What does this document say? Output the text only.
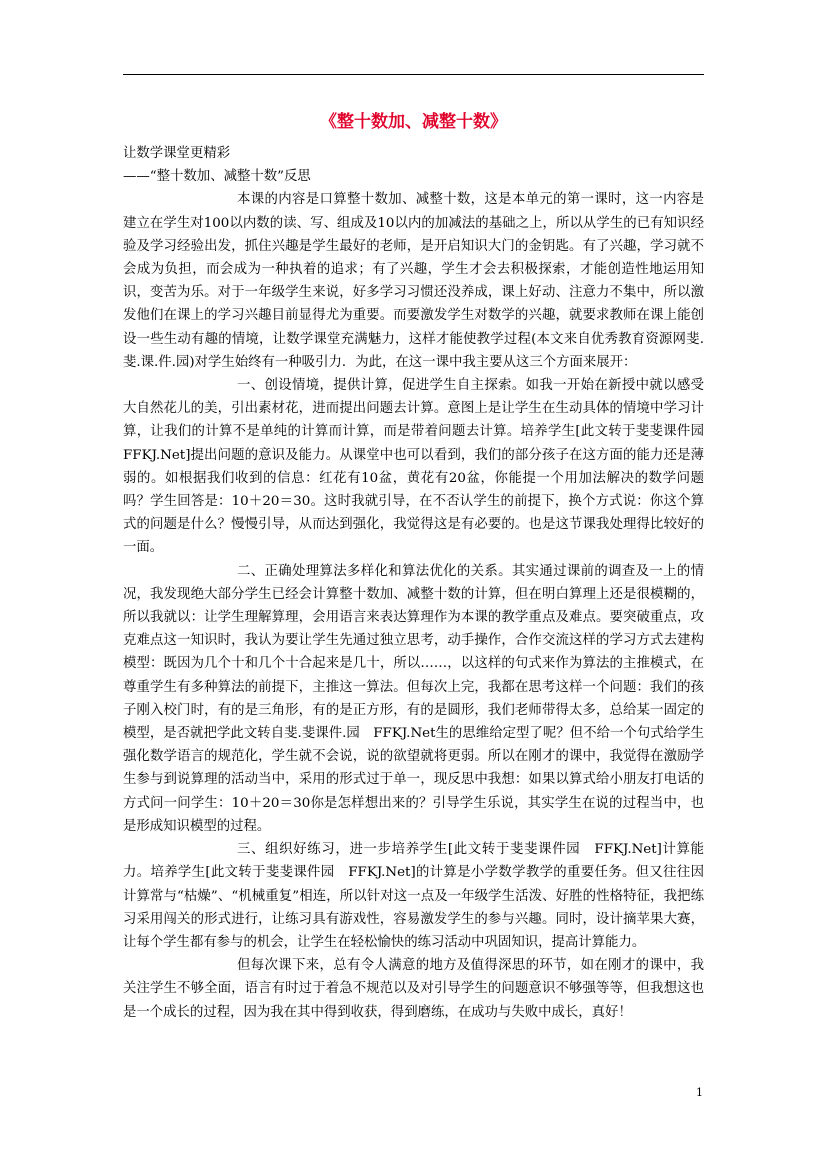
《整十数加、减整十数》

让数学课堂更精彩

——“整十数加、减整十数”反思

本课的内容是口算整十数加、减整十数，这是本单元的第一课时，这一内容是建立在学生对100以内数的读、写、组成及10以内的加减法的基础之上，所以从学生的已有知识经验及学习经验出发，抓住兴趣是学生最好的老师，是开启知识大门的金钥匙。有了兴趣，学习就不会成为负担，而会成为一种执着的追求；有了兴趣，学生才会去积极探索，才能创造性地运用知识，变苦为乐。对于一年级学生来说，好多学习习惯还没养成，课上好动、注意力不集中，所以激发他们在课上的学习兴趣目前显得尤为重要。而要激发学生对数学的兴趣，就要求教师在课上能创设一些生动有趣的情境，让数学课堂充满魅力，这样才能使教学过程(本文来自优秀教育资源网斐.斐.课.件.园)对学生始终有一种吸引力．为此，在这一课中我主要从这三个方面来展开：

一、创设情境，提供计算，促进学生自主探索。如我一开始在新授中就以感受大自然花儿的美，引出素材花，进而提出问题去计算。意图上是让学生在生动具体的情境中学习计算，让我们的计算不是单纯的计算而计算，而是带着问题去计算。培养学生[此文转于斐斐课件园　FFKJ.Net]提出问题的意识及能力。从课堂中也可以看到，我们的部分孩子在这方面的能力还是薄弱的。如根据我们收到的信息：红花有10盆，黄花有20盆，你能提一个用加法解决的数学问题吗？学生回答是：10＋20＝30。这时我就引导，在不否认学生的前提下，换个方式说：你这个算式的问题是什么？慢慢引导，从而达到强化，我觉得这是有必要的。也是这节课我处理得比较好的一面。

二、正确处理算法多样化和算法优化的关系。其实通过课前的调查及一上的情况，我发现绝大部分学生已经会计算整十数加、减整十数的计算，但在明白算理上还是很模糊的，所以我就以：让学生理解算理，会用语言来表达算理作为本课的教学重点及难点。要突破重点，攻克难点这一知识时，我认为要让学生先通过独立思考，动手操作，合作交流这样的学习方式去建构模型：既因为几个十和几个十合起来是几十，所以……，以这样的句式来作为算法的主推模式，在尊重学生有多种算法的前提下，主推这一算法。但每次上完，我都在思考这样一个问题：我们的孩子刚入校门时，有的是三角形，有的是正方形，有的是圆形，我们老师带得太多，总给某一固定的模型，是否就把学此文转自斐.斐课件.园　FFKJ.Net生的思维给定型了呢？但不给一个句式给学生强化数学语言的规范化，学生就不会说，说的欲望就将更弱。所以在刚才的课中，我觉得在激励学生参与到说算理的活动当中，采用的形式过于单一，现反思中我想：如果以算式给小朋友打电话的方式问一问学生：10＋20＝30你是怎样想出来的？引导学生乐说，其实学生在说的过程当中，也是形成知识模型的过程。

三、组织好练习，进一步培养学生[此文转于斐斐课件园　FFKJ.Net]计算能力。培养学生[此文转于斐斐课件园　FFKJ.Net]的计算是小学数学教学的重要任务。但又往往因计算常与“枯燥”、“机械重复”相连，所以针对这一点及一年级学生活泼、好胜的性格特征，我把练习采用闯关的形式进行，让练习具有游戏性，容易激发学生的参与兴趣。同时，设计摘苹果大赛，让每个学生都有参与的机会，让学生在轻松愉快的练习活动中巩固知识，提高计算能力。

但每次课下来，总有令人满意的地方及值得深思的环节，如在刚才的课中，我关注学生不够全面，语言有时过于着急不规范以及对引导学生的问题意识不够强等等，但我想这也是一个成长的过程，因为我在其中得到收获，得到磨练，在成功与失败中成长，真好！

1
